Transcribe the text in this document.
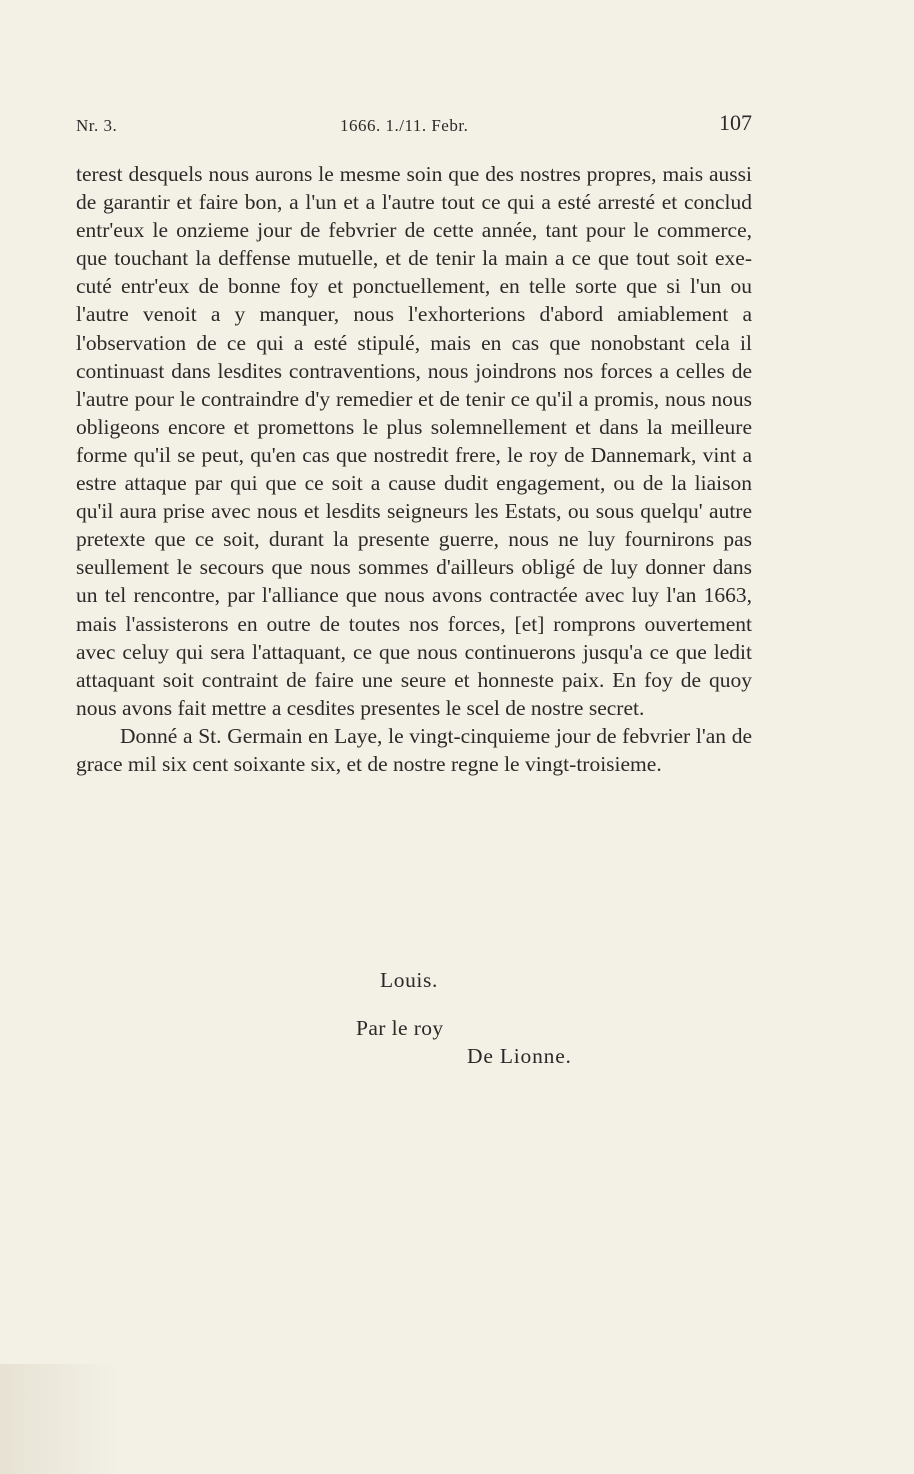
Nr. 3.	1666. 1./11. Febr.	107

terest desquels nous aurons le mesme soin que des nostres propres, mais aussi de garantir et faire bon, a l'un et a l'autre tout ce qui a esté arresté et conclud entr'eux le onzieme jour de febvrier de cette année, tant pour le commerce, que touchant la deffense mutuelle, et de tenir la main a ce que tout soit executé entr'eux de bonne foy et ponctuellement, en telle sorte que si l'un ou l'autre venoit a y manquer, nous l'exhorterions d'abord amiablement a l'observation de ce qui a esté stipulé, mais en cas que nonobstant cela il continuast dans lesdites contraventions, nous joindrons nos forces a celles de l'autre pour le contraindre d'y remedier et de tenir ce qu'il a promis, nous nous obligeons encore et promettons le plus solemnellement et dans la meilleure forme qu'il se peut, qu'en cas que nostredit frere, le roy de Dannemark, vint a estre attaque par qui que ce soit a cause dudit engagement, ou de la liaison qu'il aura prise avec nous et lesdits seigneurs les Estats, ou sous quelqu' autre pretexte que ce soit, durant la presente guerre, nous ne luy fournirons pas seullement le secours que nous sommes d'ailleurs obligé de luy donner dans un tel rencontre, par l'alliance que nous avons contractée avec luy l'an 1663, mais l'assisterons en outre de toutes nos forces, [et] romprons ouvertement avec celuy qui sera l'attaquant, ce que nous continuerons jusqu'a ce que ledit attaquant soit contraint de faire une seure et honneste paix. En foy de quoy nous avons fait mettre a cesdites presentes le scel de nostre secret.

Donné a St. Germain en Laye, le vingt-cinquieme jour de febvrier l'an de grace mil six cent soixante six, et de nostre regne le vingt-troisieme.

Louis.
Par le roy
De Lionne.
